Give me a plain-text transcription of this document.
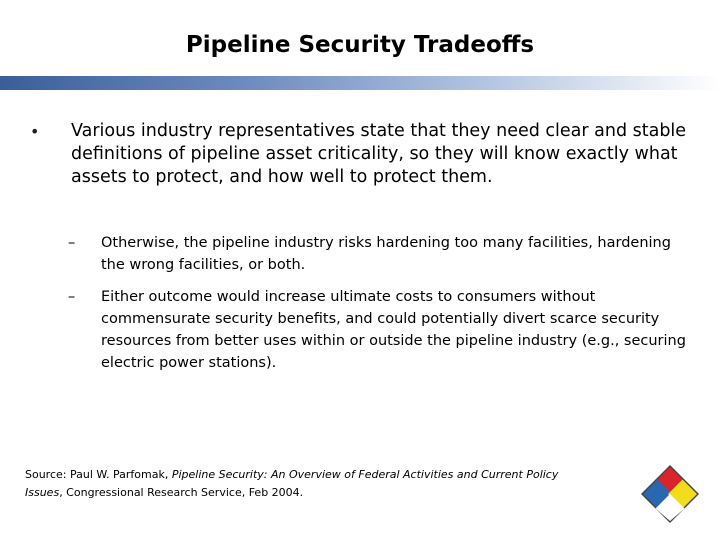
Pipeline Security Tradeoffs
•	Various industry representatives state that they need clear and stable definitions of pipeline asset criticality, so they will know exactly what assets to protect, and how well to protect them.
–	Otherwise, the pipeline industry risks hardening too many facilities, hardening the wrong facilities, or both.
–	Either outcome would increase ultimate costs to consumers without commensurate security benefits, and could potentially divert scarce security resources from better uses within or outside the pipeline industry (e.g., securing electric power stations).
Source: Paul W. Parfomak, Pipeline Security: An Overview of Federal Activities and Current Policy Issues, Congressional Research Service, Feb 2004.
56
